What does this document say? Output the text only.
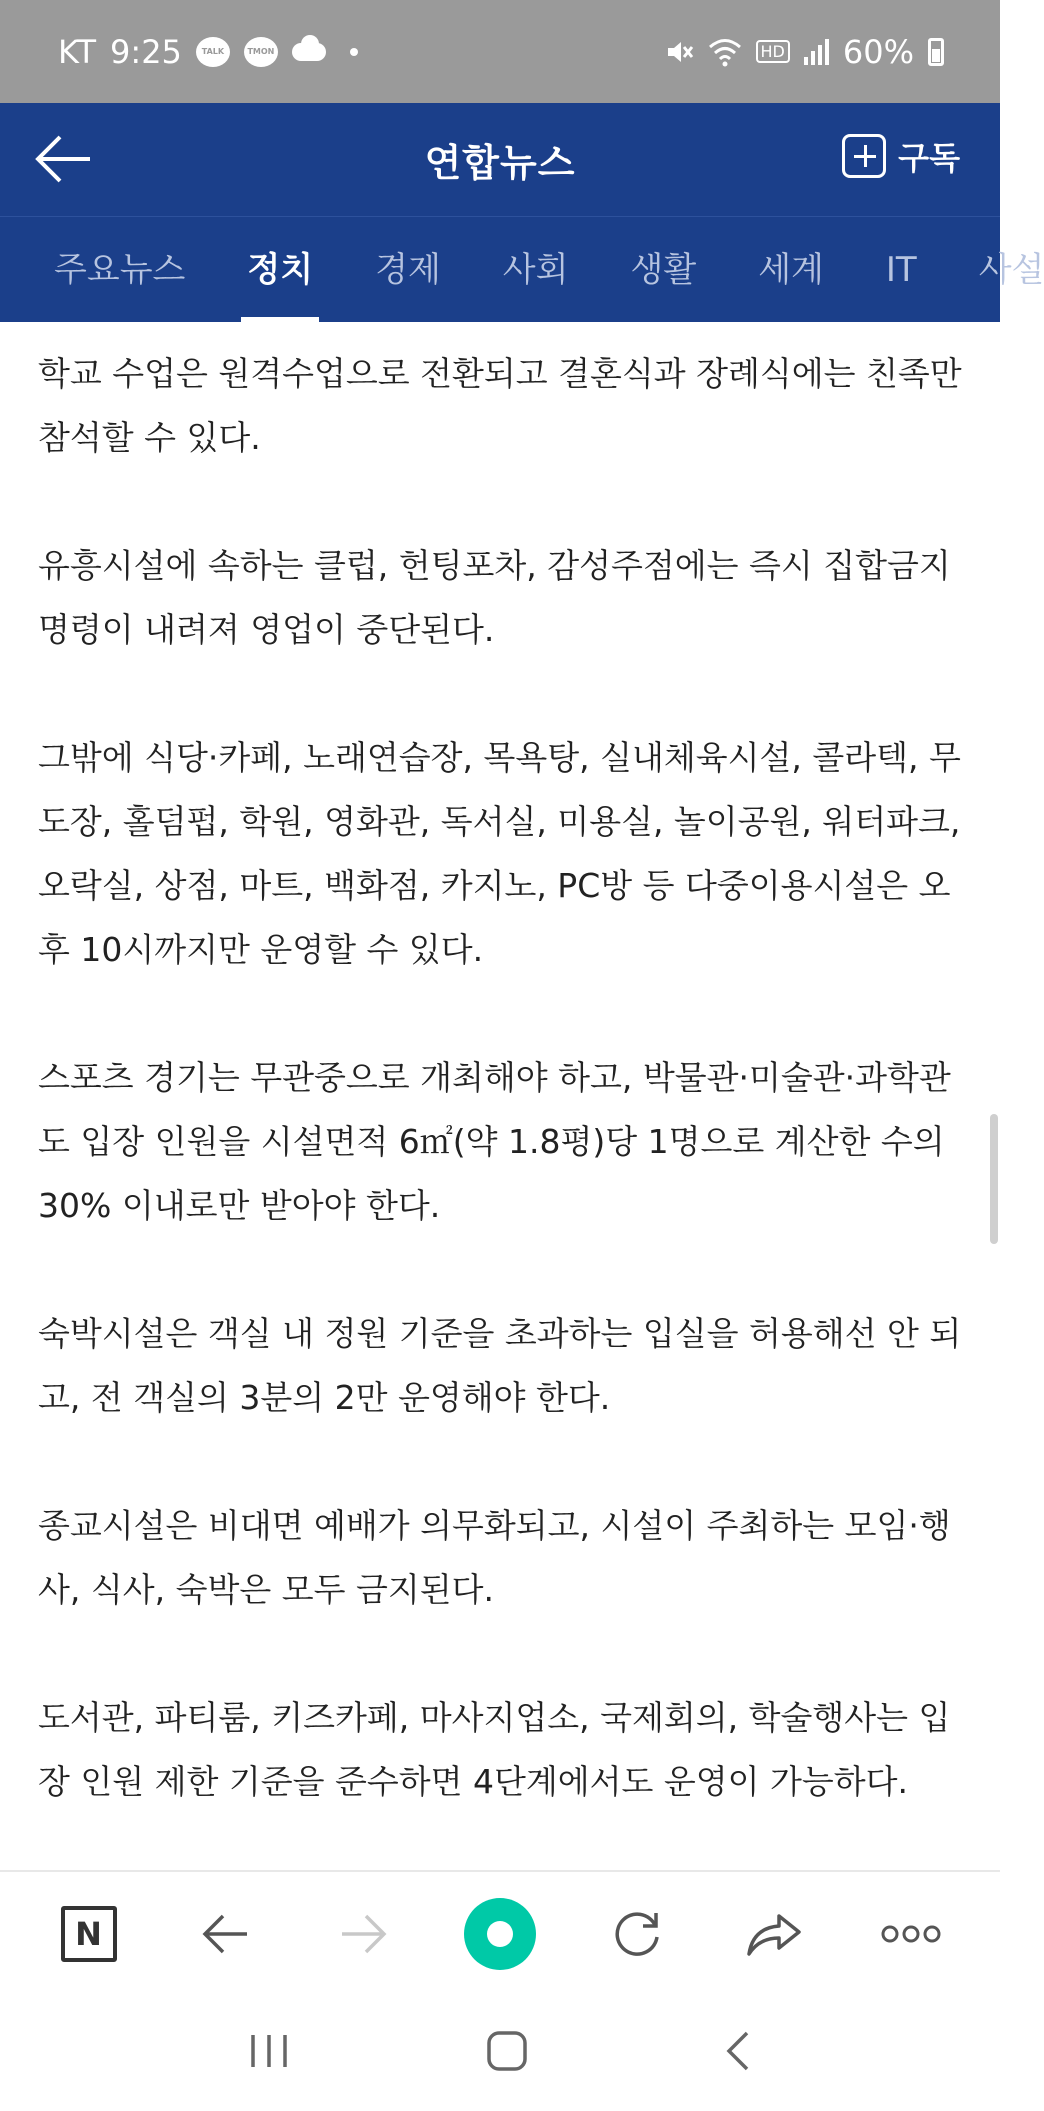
KT 9:25	TALK	TMON	HD 60%
연합뉴스	구독
주요뉴스 정치 경제 사회 생활 세계 IT 사설

학교 수업은 원격수업으로 전환되고 결혼식과 장례식에는 친족만 참석할 수 있다.

유흥시설에 속하는 클럽, 헌팅포차, 감성주점에는 즉시 집합금지 명령이 내려져 영업이 중단된다.

그밖에 식당·카페, 노래연습장, 목욕탕, 실내체육시설, 콜라텍, 무도장, 홀덤펍, 학원, 영화관, 독서실, 미용실, 놀이공원, 워터파크, 오락실, 상점, 마트, 백화점, 카지노, PC방 등 다중이용시설은 오후 10시까지만 운영할 수 있다.

스포츠 경기는 무관중으로 개최해야 하고, 박물관·미술관·과학관도 입장 인원을 시설면적 6㎡(약 1.8평)당 1명으로 계산한 수의 30% 이내로만 받아야 한다.

숙박시설은 객실 내 정원 기준을 초과하는 입실을 허용해선 안 되고, 전 객실의 3분의 2만 운영해야 한다.

종교시설은 비대면 예배가 의무화되고, 시설이 주최하는 모임·행사, 식사, 숙박은 모두 금지된다.

도서관, 파티룸, 키즈카페, 마사지업소, 국제회의, 학술행사는 입장 인원 제한 기준을 준수하면 4단계에서도 운영이 가능하다.

N
